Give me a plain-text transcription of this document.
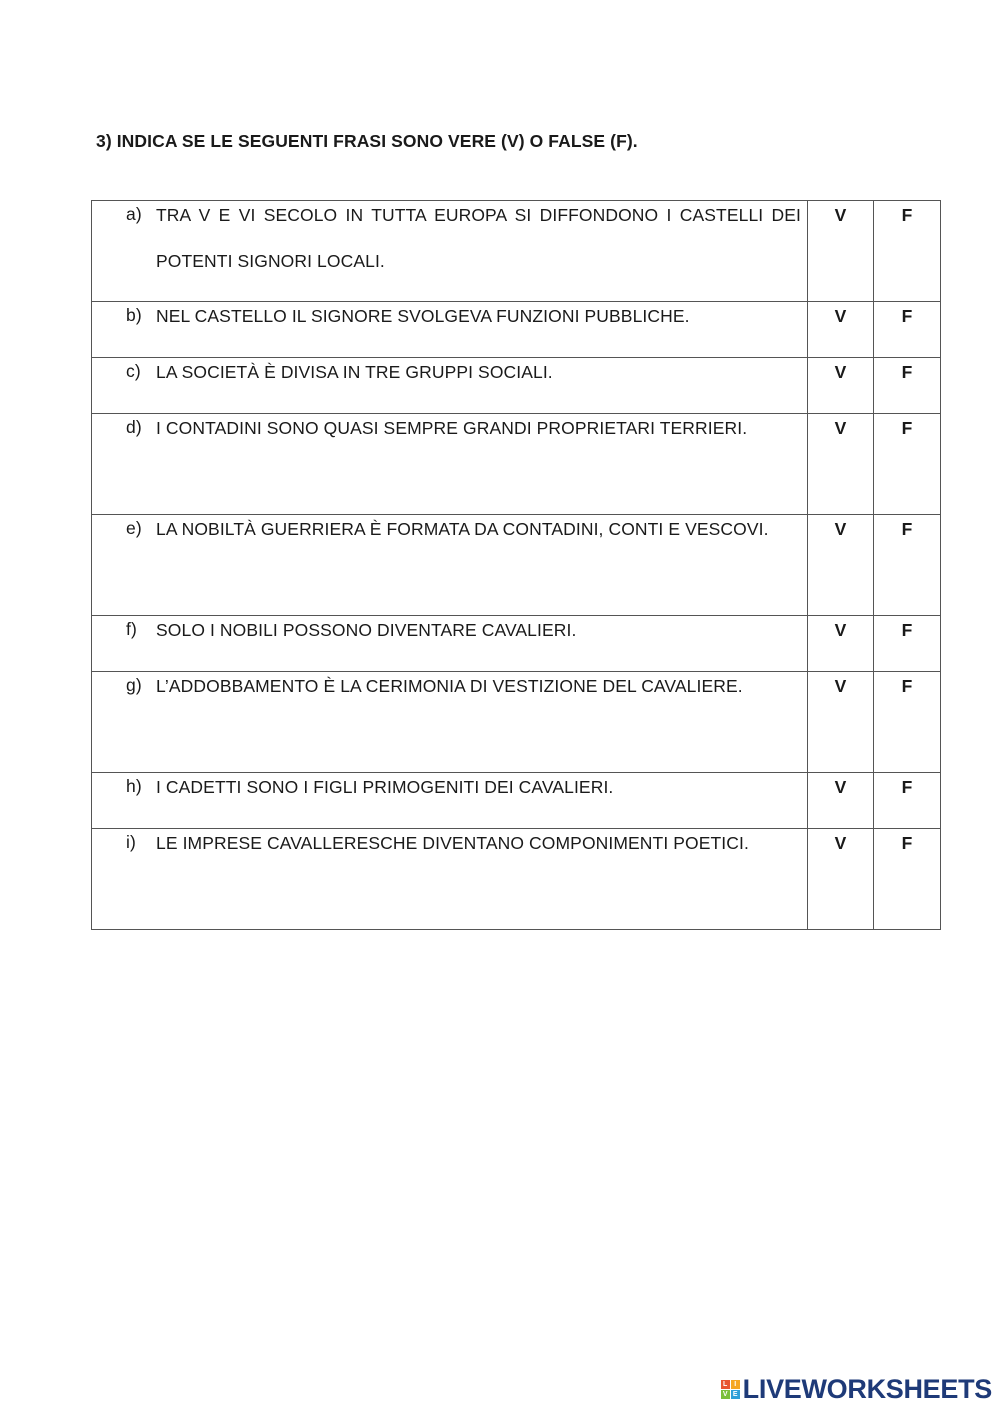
3) INDICA SE LE SEGUENTI FRASI SONO VERE (V) O FALSE (F).
a) TRA V E VI SECOLO IN TUTTA EUROPA SI DIFFONDONO I CASTELLI DEI POTENTI SIGNORI LOCALI.	V	F

b) NEL CASTELLO IL SIGNORE SVOLGEVA FUNZIONI PUBBLICHE.	V	F

c) LA SOCIETÀ È DIVISA IN TRE GRUPPI SOCIALI.	V	F

d) I CONTADINI SONO QUASI SEMPRE GRANDI PROPRIETARI TERRIERI.	V	F

e) LA NOBILTÀ GUERRIERA È FORMATA DA CONTADINI, CONTI E VESCOVI.	V	F

f) SOLO I NOBILI POSSONO DIVENTARE CAVALIERI.	V	F

g) L’ADDOBBAMENTO È LA CERIMONIA DI VESTIZIONE DEL CAVALIERE.	V	F

h) I CADETTI SONO I FIGLI PRIMOGENITI DEI CAVALIERI.	V	F

i) LE IMPRESE CAVALLERESCHE DIVENTANO COMPONIMENTI POETICI.	V	F
L I
V E LIVEWORKSHEETS
